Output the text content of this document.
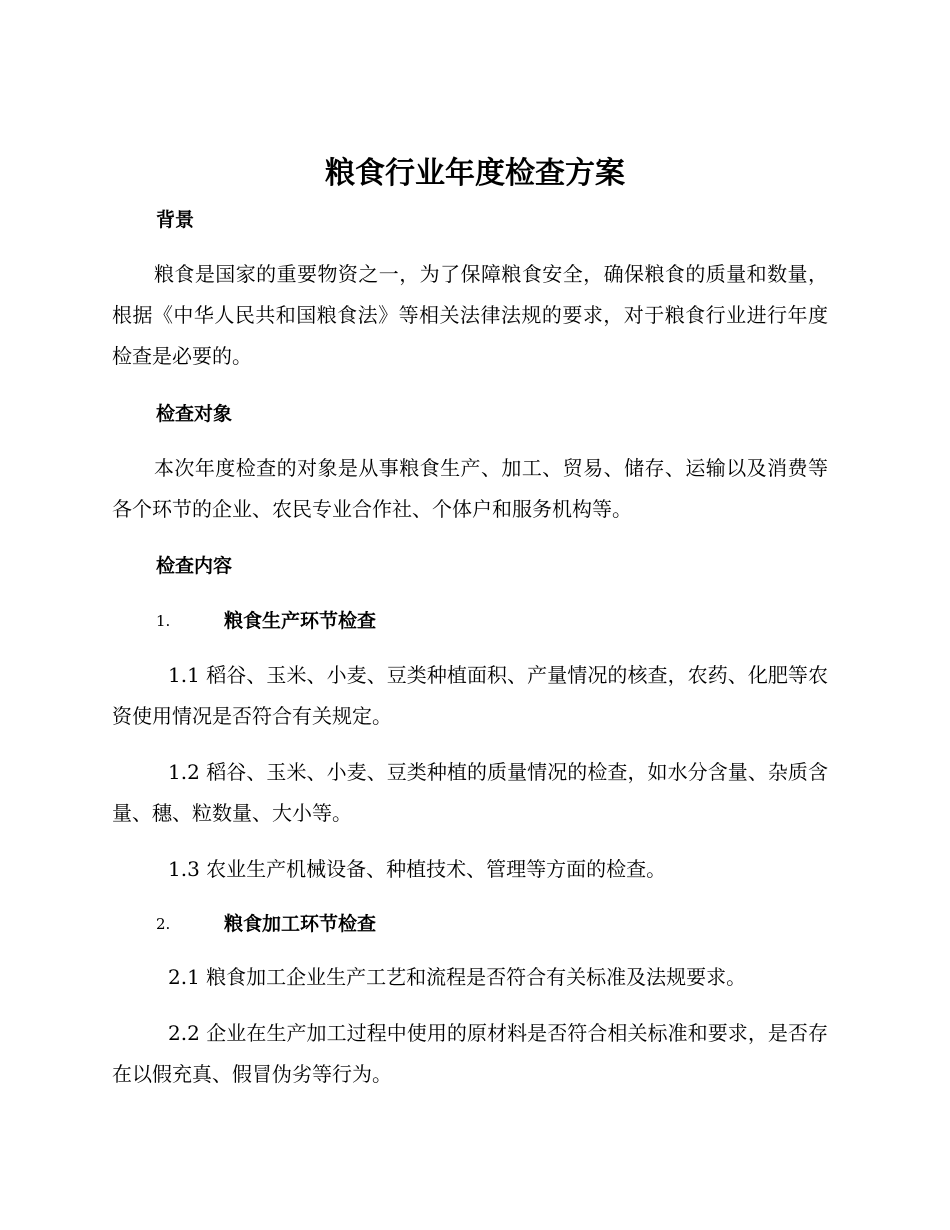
粮食行业年度检查方案
背景

粮食是国家的重要物资之一，为了保障粮食安全，确保粮食的质量和数量，根据《中华人民共和国粮食法》等相关法律法规的要求，对于粮食行业进行年度检查是必要的。

检查对象

本次年度检查的对象是从事粮食生产、加工、贸易、储存、运输以及消费等各个环节的企业、农民专业合作社、个体户和服务机构等。

检查内容
1.	粮食生产环节检查

1.1 稻谷、玉米、小麦、豆类种植面积、产量情况的核查，农药、化肥等农资使用情况是否符合有关规定。

1.2 稻谷、玉米、小麦、豆类种植的质量情况的检查，如水分含量、杂质含量、穗、粒数量、大小等。

1.3 农业生产机械设备、种植技术、管理等方面的检查。

2.	粮食加工环节检查

2.1 粮食加工企业生产工艺和流程是否符合有关标准及法规要求。

2.2 企业在生产加工过程中使用的原材料是否符合相关标准和要求，是否存在以假充真、假冒伪劣等行为。
